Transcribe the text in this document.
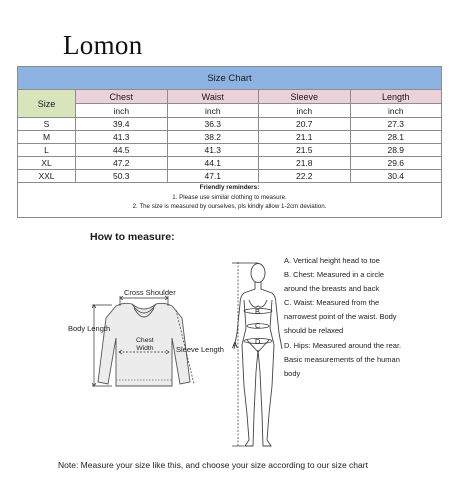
Lomon
Size Chart				
Size	Chest	Waist	Sleeve	Length
	inch	inch	inch	inch
S	39.4	36.3	20.7	27.3
M	41.3	38.2	21.1	28.1
L	44.5	41.3	21.5	28.9
XL	47.2	44.1	21.8	29.6
XXL	50.3	47.1	22.2	30.4
Friendly reminders:
1. Please use similar clothing to measure.
2. The size is measured by ourselves, pls kindly allow 1-2cm deviation.				
How to measure:
Cross Shoulder
Body Length
Chest
Width	Sleeve Length A
B
C
D

A. Vertical height head to toe

B. Chest: Measured in a circle around the breasts and back

C. Waist: Measured from the narrowest point of the waist. Body should be relaxed

D. Hips: Measured around the rear. Basic measurements of the human body

Note: Measure your size like this, and choose your size according to our size chart
